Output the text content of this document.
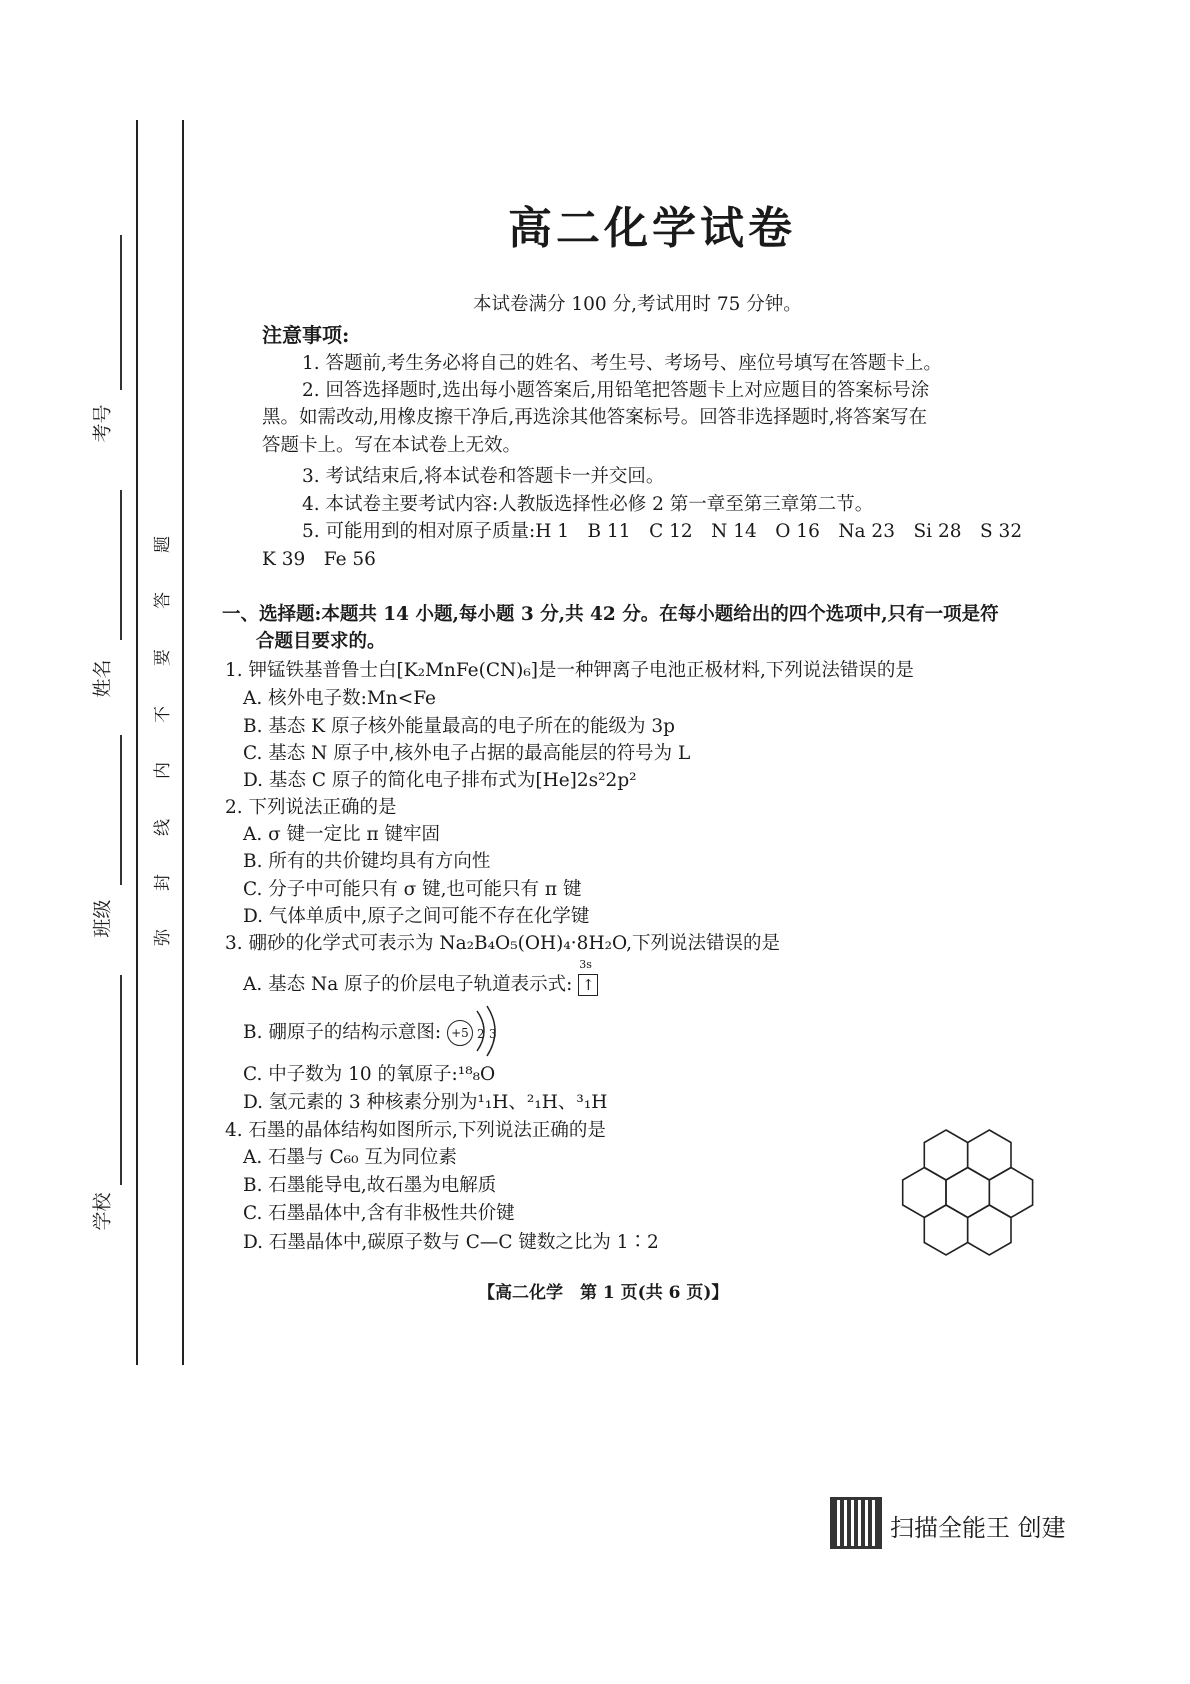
考号
姓名
班级
学校
题
答
要
不
内
线
封
弥
高二化学试卷
本试卷满分 100 分,考试用时 75 分钟。
注意事项:
1. 答题前,考生务必将自己的姓名、考生号、考场号、座位号填写在答题卡上。
2. 回答选择题时,选出每小题答案后,用铅笔把答题卡上对应题目的答案标号涂
黑。如需改动,用橡皮擦干净后,再选涂其他答案标号。回答非选择题时,将答案写在
答题卡上。写在本试卷上无效。
3. 考试结束后,将本试卷和答题卡一并交回。
4. 本试卷主要考试内容:人教版选择性必修 2 第一章至第三章第二节。
5. 可能用到的相对原子质量:H 1　B 11　C 12　N 14　O 16　Na 23　Si 28　S 32
K 39　Fe 56
一、选择题:本题共 14 小题,每小题 3 分,共 42 分。在每小题给出的四个选项中,只有一项是符
合题目要求的。
1. 钾锰铁基普鲁士白[K₂MnFe(CN)₆]是一种钾离子电池正极材料,下列说法错误的是
A. 核外电子数:Mn<Fe
B. 基态 K 原子核外能量最高的电子所在的能级为 3p
C. 基态 N 原子中,核外电子占据的最高能层的符号为 L
D. 基态 C 原子的简化电子排布式为[He]2s²2p²
2. 下列说法正确的是
A. σ 键一定比 π 键牢固
B. 所有的共价键均具有方向性
C. 分子中可能只有 σ 键,也可能只有 π 键
D. 气体单质中,原子之间可能不存在化学键
3. 硼砂的化学式可表示为 Na₂B₄O₅(OH)₄·8H₂O,下列说法错误的是
A. 基态 Na 原子的价层电子轨道表示式:
3s
↑
B. 硼原子的结构示意图: +5 2 3
C. 中子数为 10 的氧原子:¹⁸₈O
D. 氢元素的 3 种核素分别为¹₁H、²₁H、³₁H
4. 石墨的晶体结构如图所示,下列说法正确的是
A. 石墨与 C₆₀ 互为同位素
B. 石墨能导电,故石墨为电解质
C. 石墨晶体中,含有非极性共价键
D. 石墨晶体中,碳原子数与 C—C 键数之比为 1∶2
【高二化学　第 1 页(共 6 页)】
扫描全能王 创建
